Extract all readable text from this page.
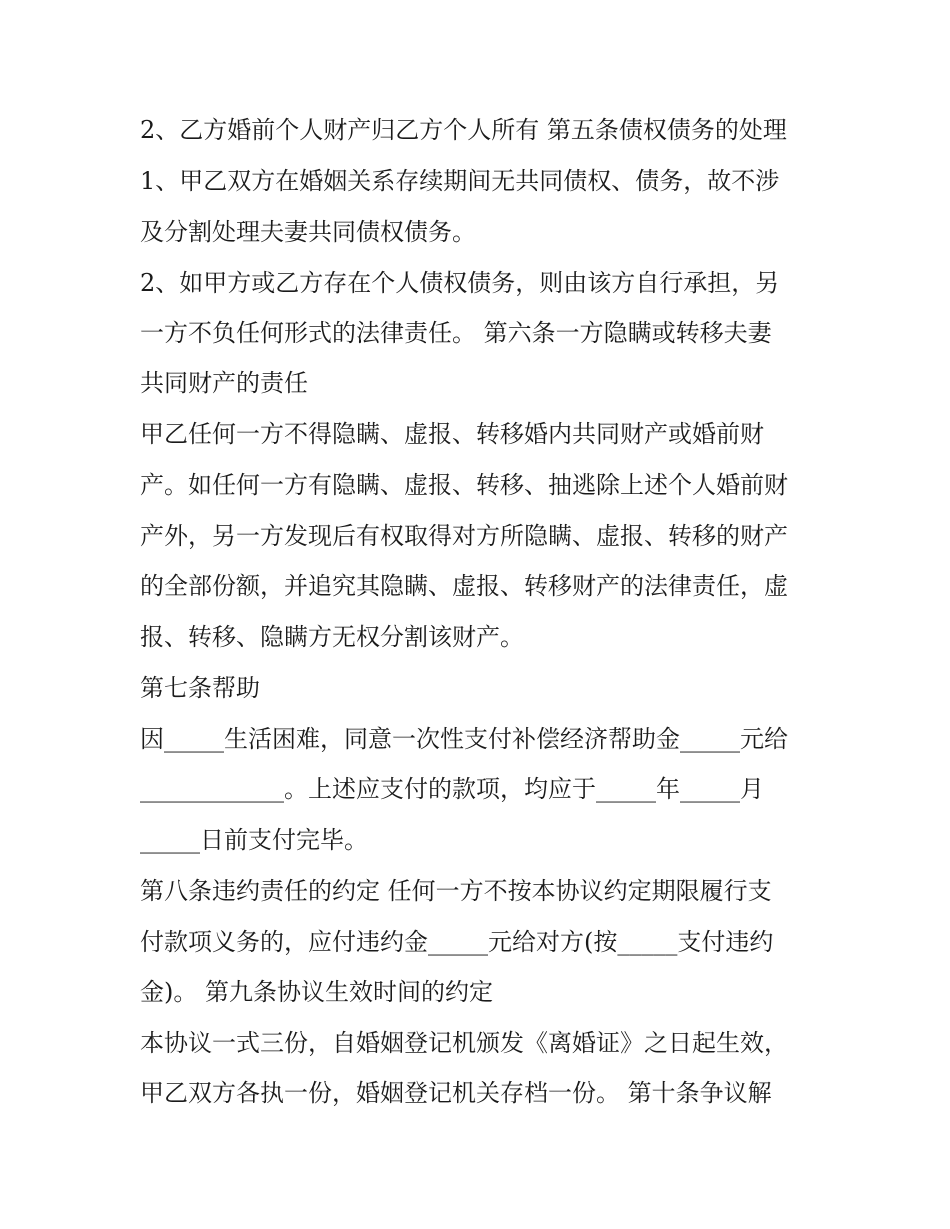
2、乙方婚前个人财产归乙方个人所有 第五条债权债务的处理
1、甲乙双方在婚姻关系存续期间无共同债权、债务，故不涉
及分割处理夫妻共同债权债务。
2、如甲方或乙方存在个人债权债务，则由该方自行承担，另
一方不负任何形式的法律责任。 第六条一方隐瞒或转移夫妻
共同财产的责任
甲乙任何一方不得隐瞒、虚报、转移婚内共同财产或婚前财
产。如任何一方有隐瞒、虚报、转移、抽逃除上述个人婚前财
产外，另一方发现后有权取得对方所隐瞒、虚报、转移的财产
的全部份额，并追究其隐瞒、虚报、转移财产的法律责任，虚
报、转移、隐瞒方无权分割该财产。
第七条帮助
因_____生活困难，同意一次性支付补偿经济帮助金_____元给
____________。上述应支付的款项，均应于_____年_____月
_____日前支付完毕。
第八条违约责任的约定 任何一方不按本协议约定期限履行支
付款项义务的，应付违约金_____元给对方(按_____支付违约
金)。 第九条协议生效时间的约定
本协议一式三份，自婚姻登记机颁发《离婚证》之日起生效，
甲乙双方各执一份，婚姻登记机关存档一份。 第十条争议解
